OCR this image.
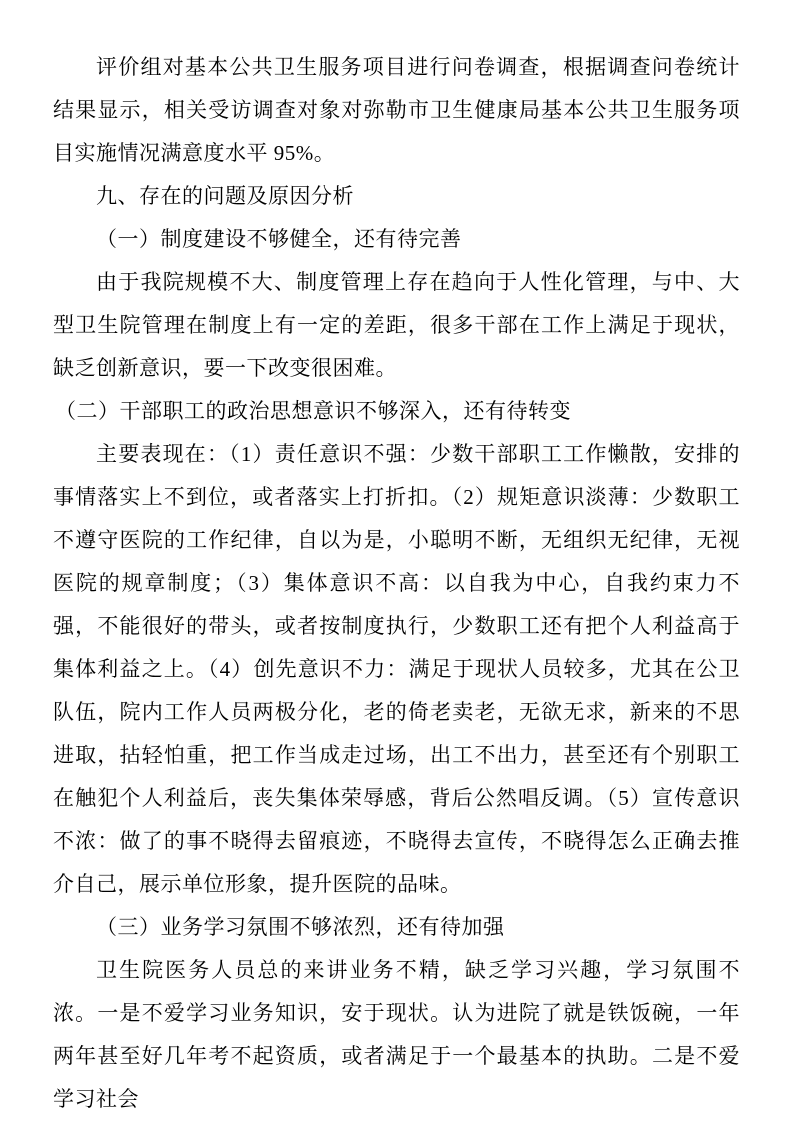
评价组对基本公共卫生服务项目进行问卷调查，根据调查问卷统计结果显示，相关受访调查对象对弥勒市卫生健康局基本公共卫生服务项目实施情况满意度水平 95%。

九、存在的问题及原因分析

（一）制度建设不够健全，还有待完善

由于我院规模不大、制度管理上存在趋向于人性化管理，与中、大型卫生院管理在制度上有一定的差距，很多干部在工作上满足于现状，缺乏创新意识，要一下改变很困难。

（二）干部职工的政治思想意识不够深入，还有待转变

主要表现在：（1）责任意识不强：少数干部职工工作懒散，安排的事情落实上不到位，或者落实上打折扣。（2）规矩意识淡薄：少数职工不遵守医院的工作纪律，自以为是，小聪明不断，无组织无纪律，无视医院的规章制度；（3）集体意识不高：以自我为中心，自我约束力不强，不能很好的带头，或者按制度执行，少数职工还有把个人利益高于集体利益之上。（4）创先意识不力：满足于现状人员较多，尤其在公卫队伍，院内工作人员两极分化，老的倚老卖老，无欲无求，新来的不思进取，拈轻怕重，把工作当成走过场，出工不出力，甚至还有个别职工在触犯个人利益后，丧失集体荣辱感，背后公然唱反调。（5）宣传意识不浓：做了的事不晓得去留痕迹，不晓得去宣传，不晓得怎么正确去推介自己，展示单位形象，提升医院的品味。

（三）业务学习氛围不够浓烈，还有待加强

卫生院医务人员总的来讲业务不精，缺乏学习兴趣，学习氛围不浓。一是不爱学习业务知识，安于现状。认为进院了就是铁饭碗，一年两年甚至好几年考不起资质，或者满足于一个最基本的执助。二是不爱学习社会
